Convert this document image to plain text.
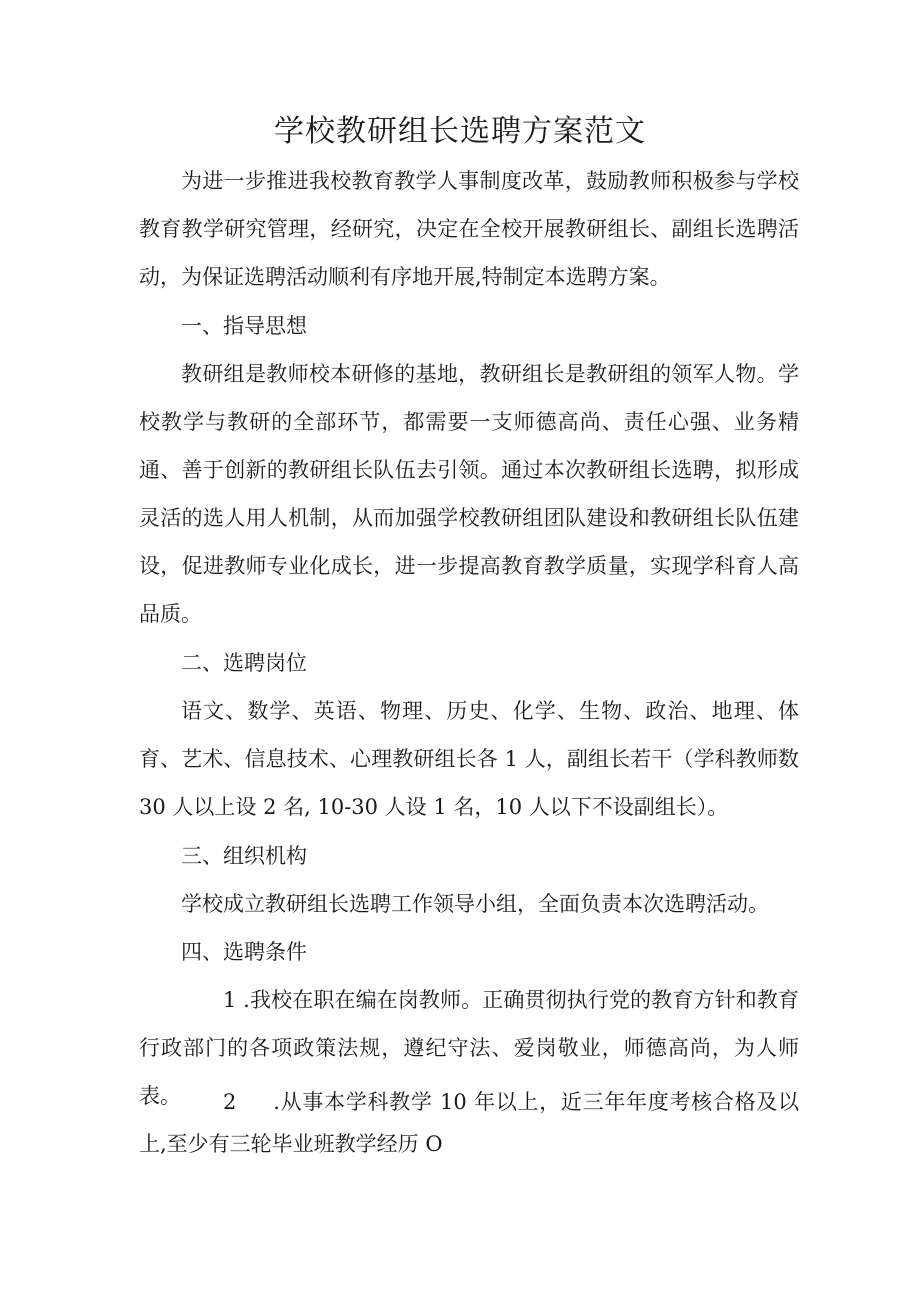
学校教研组长选聘方案范文

为进一步推进我校教育教学人事制度改革，鼓励教师积极参与学校教育教学研究管理，经研究，决定在全校开展教研组长、副组长选聘活动，为保证选聘活动顺利有序地开展,特制定本选聘方案。

一、指导思想

教研组是教师校本研修的基地，教研组长是教研组的领军人物。学校教学与教研的全部环节，都需要一支师德高尚、责任心强、业务精通、善于创新的教研组长队伍去引领。通过本次教研组长选聘，拟形成灵活的选人用人机制，从而加强学校教研组团队建设和教研组长队伍建设，促进教师专业化成长，进一步提高教育教学质量，实现学科育人高品质。

二、选聘岗位

语文、数学、英语、物理、历史、化学、生物、政治、地理、体育、艺术、信息技术、心理教研组长各 1 人，副组长若干（学科教师数 30 人以上设 2 名, 10-30 人设 1 名，10 人以下不设副组长）。

三、组织机构

学校成立教研组长选聘工作领导小组，全面负责本次选聘活动。

四、选聘条件

1 .我校在职在编在岗教师。正确贯彻执行党的教育方针和教育行政部门的各项政策法规，遵纪守法、爱岗敬业，师德高尚，为人师表。	2 .从事本学科教学 10 年以上，近三年年度考核合格及以上,至少有三轮毕业班教学经历 O
